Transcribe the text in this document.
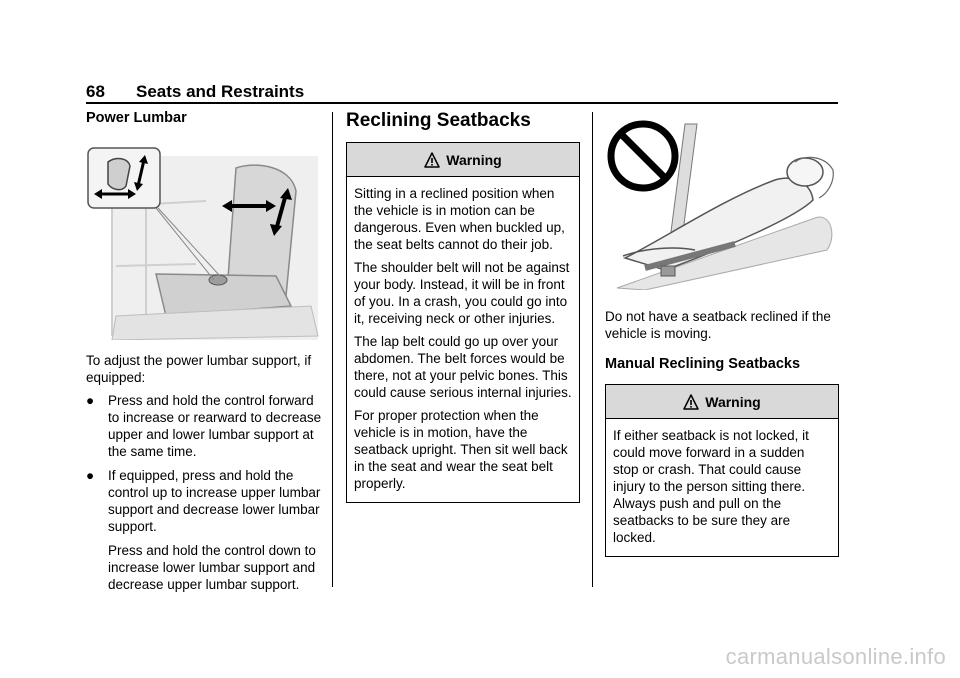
68 Seats and Restraints
Power Lumbar

To adjust the power lumbar support, if equipped:

● Press and hold the control forward to increase or rearward to decrease upper and lower lumbar support at the same time.
● If equipped, press and hold the control up to increase upper lumbar support and decrease lower lumbar support.

Press and hold the control down to increase lower lumbar support and decrease upper lumbar support.

Reclining Seatbacks
Warning

Sitting in a reclined position when the vehicle is in motion can be dangerous. Even when buckled up, the seat belts cannot do their job.

The shoulder belt will not be against your body. Instead, it will be in front of you. In a crash, you could go into it, receiving neck or other injuries.

The lap belt could go up over your abdomen. The belt forces would be there, not at your pelvic bones. This could cause serious internal injuries.

For proper protection when the vehicle is in motion, have the seatback upright. Then sit well back in the seat and wear the seat belt properly.

Do not have a seatback reclined if the vehicle is moving.

Manual Reclining Seatbacks
Warning

If either seatback is not locked, it could move forward in a sudden stop or crash. That could cause injury to the person sitting there. Always push and pull on the seatbacks to be sure they are locked.

carmanualsonline.info
